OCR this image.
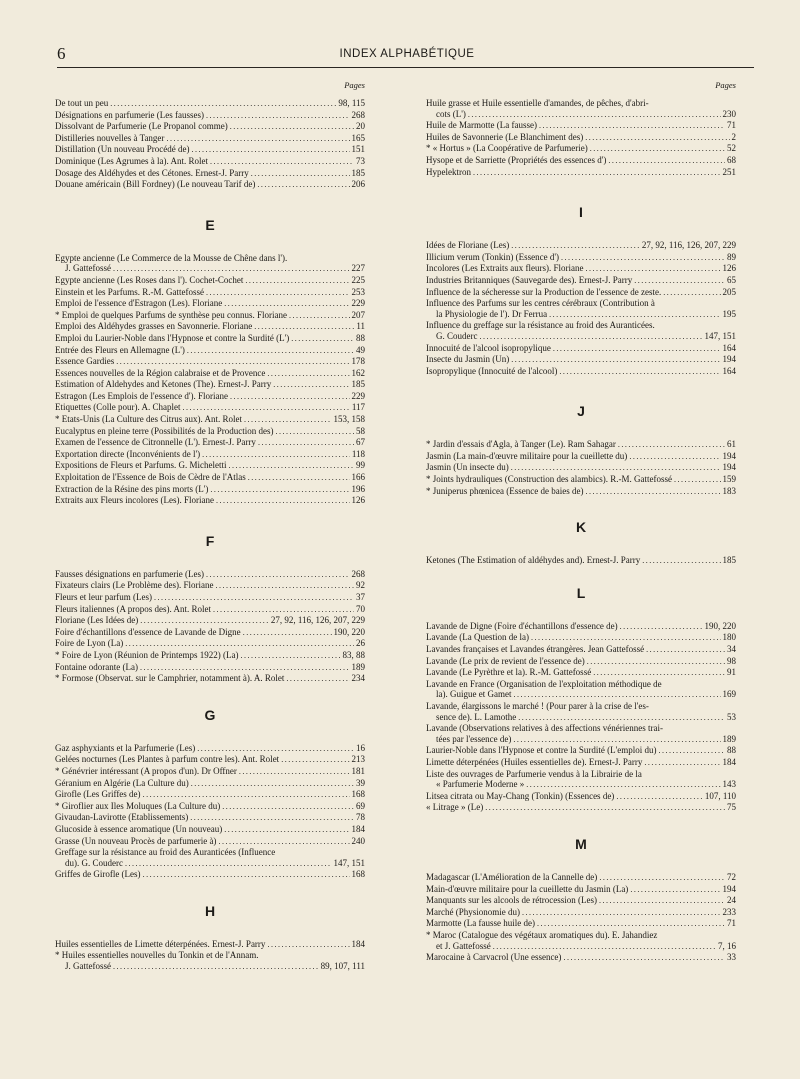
6	INDEX ALPHABÉTIQUE
Pages
De tout un peu .....	98, 115
Désignations en parfumerie (Les fausses) .....	268
Dissolvant de Parfumerie (Le Propanol comme) .....	20
Distilleries nouvelles à Tanger .....	165
Distillation (Un nouveau Procédé de) .....	151
Dominique (Les Agrumes à la). Ant. Rolet .....	73
Dosage des Aldéhydes et des Cétones. Ernest-J. Parry .....	185
Douane américain (Bill Fordney) (Le nouveau Tarif de) .....	206
E
Egypte ancienne (Le Commerce de la Mousse de Chêne dans l').
J. Gattefossé .....	227
Egypte ancienne (Les Roses dans l'). Cochet-Cochet .....	225
Einstein et les Parfums. R.-M. Gattefossé .....	253
Emploi de l'essence d'Estragon (Les). Floriane .....	229
* Emploi de quelques Parfums de synthèse peu connus. Floriane .....	207
Emploi des Aldéhydes grasses en Savonnerie. Floriane .....	11
Emploi du Laurier-Noble dans l'Hypnose et contre la Surdité (L') .....	88
Entrée des Fleurs en Allemagne (L') .....	49
Essence Gardies .....	178
Essences nouvelles de la Région calabraise et de Provence .....	162
Estimation of Aldehydes and Ketones (The). Ernest-J. Parry .....	185
Estragon (Les Emplois de l'essence d'). Floriane .....	229
Etiquettes (Colle pour). A. Chaplet .....	117
* Etats-Unis (La Culture des Citrus aux). Ant. Rolet .....	153, 158
Eucalyptus en pleine terre (Possibilités de la Production des) .....	58
Examen de l'essence de Citronnelle (L'). Ernest-J. Parry .....	67
Exportation directe (Inconvénients de l') .....	118
Expositions de Fleurs et Parfums. G. Micheletti .....	99
Exploitation de l'Essence de Bois de Cèdre de l'Atlas .....	166
Extraction de la Résine des pins morts (L') .....	196
Extraits aux Fleurs incolores (Les). Floriane .....	126
F
Fausses désignations en parfumerie (Les) .....	268
Fixateurs clairs (Le Problème des). Floriane .....	92
Fleurs et leur parfum (Les) .....	37
Fleurs italiennes (A propos des). Ant. Rolet .....	70
Floriane (Les Idées de) .....	27, 92, 116, 126, 207, 229
Foire d'échantillons d'essence de Lavande de Digne .....	190, 220
Foire de Lyon (La) .....	26
* Foire de Lyon (Réunion de Printemps 1922) (La) .....	83, 88
Fontaine odorante (La) .....	189
* Formose (Observat. sur le Camphrier, notamment à). A. Rolet .....	234
G
Gaz asphyxiants et la Parfumerie (Les) .....	16
Gelées nocturnes (Les Plantes à parfum contre les). Ant. Rolet .....	213
* Génévrier intéressant (A propos d'un). Dr Offner .....	181
Géranium en Algérie (La Culture du) .....	39
Girofle (Les Griffes de) .....	168
* Giroflier aux Iles Moluques (La Culture du) .....	69
Givaudan-Lavirotte (Etablissements) .....	78
Glucoside à essence aromatique (Un nouveau) .....	184
Grasse (Un nouveau Procès de parfumerie à) .....	240
Greffage sur la résistance au froid des Auranticées (Influence
du). G. Couderc .....	147, 151
Griffes de Girofle (Les) .....	168
H
Huiles essentielles de Limette déterpénées. Ernest-J. Parry .....	184
* Huiles essentielles nouvelles du Tonkin et de l'Annam.
J. Gattefossé .....	89, 107, 111
Pages
Huile grasse et Huile essentielle d'amandes, de pêches, d'abri-
cots (L') .....	230
Huile de Marmotte (La fausse) .....	71
Huiles de Savonnerie (Le Blanchiment des) .....	2
* « Hortus » (La Coopérative de Parfumerie) .....	52
Hysope et de Sarriette (Propriétés des essences d') .....	68
Hypelektron .....	251
I
Idées de Floriane (Les) .....	27, 92, 116, 126, 207, 229
Illicium verum (Tonkin) (Essence d') .....	89
Incolores (Les Extraits aux fleurs). Floriane .....	126
Industries Britanniques (Sauvegarde des). Ernest-J. Parry .....	65
Influence de la sécheresse sur la Production de l'essence de zeste. .....	205
Influence des Parfums sur les centres cérébraux (Contribution à
la Physiologie de l'). Dr Ferrua .....	195
Influence du greffage sur la résistance au froid des Auranticées.
G. Couderc .....	147, 151
Innocuité de l'alcool isopropylique .....	164
Insecte du Jasmin (Un) .....	194
Isopropylique (Innocuité de l'alcool) .....	164
J
* Jardin d'essais d'Agla, à Tanger (Le). Ram Sahagar .....	61
Jasmin (La main-d'œuvre militaire pour la cueillette du) .....	194
Jasmin (Un insecte du) .....	194
* Joints hydrauliques (Construction des alambics). R.-M. Gattefossé .....	159
* Juniperus phœnicea (Essence de baies de) .....	183
K
Ketones (The Estimation of aldéhydes and). Ernest-J. Parry .....	185
L
Lavande de Digne (Foire d'échantillons d'essence de) .....	190, 220
Lavande (La Question de la) .....	180
Lavandes françaises et Lavandes étrangères. Jean Gattefossé .....	34
Lavande (Le prix de revient de l'essence de) .....	98
Lavande (Le Pyrèthre et la). R.-M. Gattefossé .....	91
Lavande en France (Organisation de l'exploitation méthodique de
la). Guigue et Gamet .....	169
Lavande, élargissons le marché ! (Pour parer à la crise de l'es-
sence de). L. Lamothe .....	53
Lavande (Observations relatives à des affections vénériennes trai-
tées par l'essence de) .....	189
Laurier-Noble dans l'Hypnose et contre la Surdité (L'emploi du) .....	88
Limette déterpénées (Huiles essentielles de). Ernest-J. Parry .....	184
Liste des ouvrages de Parfumerie vendus à la Librairie de la
« Parfumerie Moderne » .....	143
Litsea citrata ou May-Chang (Tonkin) (Essences de) .....	107, 110
« Litrage » (Le) .....	75
M
Madagascar (L'Amélioration de la Cannelle de) .....	72
Main-d'œuvre militaire pour la cueillette du Jasmin (La) .....	194
Manquants sur les alcools de rétrocession (Les) .....	24
Marché (Physionomie du) .....	233
Marmotte (La fausse huile de) .....	71
* Maroc (Catalogue des végétaux aromatiques du). E. Jahandiez
et J. Gattefossé .....	7, 16
Marocaine à Carvacrol (Une essence) .....	33
